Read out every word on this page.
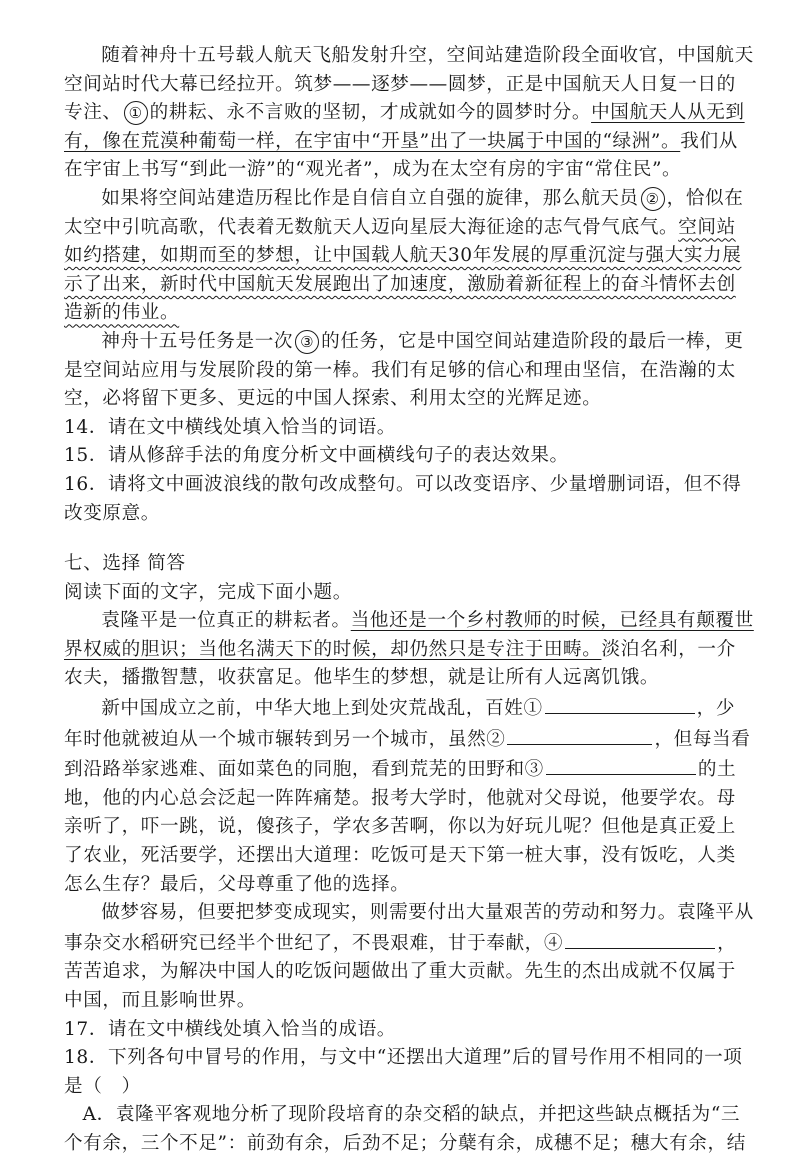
随着神舟十五号载人航天飞船发射升空，空间站建造阶段全面收官，中国航天空间站时代大幕已经拉开。筑梦——逐梦——圆梦，正是中国航天人日复一日的专注、 ① 的耕耘、永不言败的坚韧，才成就如今的圆梦时分。中国航天人从无到有，像在荒漠种葡萄一样，在宇宙中“开垦”出了一块属于中国的“绿洲”。我们从在宇宙上书写“到此一游”的“观光者”，成为在太空有房的宇宙“常住民”。

如果将空间站建造历程比作是自信自立自强的旋律，那么航天员 ② ，恰似在太空中引吭高歌，代表着无数航天人迈向星辰大海征途的志气骨气底气。空间站如约搭建，如期而至的梦想，让中国载人航天30年发展的厚重沉淀与强大实力展示了出来，新时代中国航天发展跑出了加速度，激励着新征程上的奋斗情怀去创造新的伟业。

神舟十五号任务是一次 ③ 的任务，它是中国空间站建造阶段的最后一棒，更是空间站应用与发展阶段的第一棒。我们有足够的信心和理由坚信，在浩瀚的太空，必将留下更多、更远的中国人探索、利用太空的光辉足迹。

14．请在文中横线处填入恰当的词语。

15．请从修辞手法的角度分析文中画横线句子的表达效果。

16．请将文中画波浪线的散句改成整句。可以改变语序、少量增删词语，但不得改变原意。

七、选择 简答

阅读下面的文字，完成下面小题。

袁隆平是一位真正的耕耘者。当他还是一个乡村教师的时候，已经具有颠覆世界权威的胆识；当他名满天下的时候，却仍然只是专注于田畴。淡泊名利，一介农夫，播撒智慧，收获富足。他毕生的梦想，就是让所有人远离饥饿。

新中国成立之前，中华大地上到处灾荒战乱，百姓①	，少年时他就被迫从一个城市辗转到另一个城市，虽然②	，但每当看到沿路举家逃难、面如菜色的同胞，看到荒芜的田野和③	的土地，他的内心总会泛起一阵阵痛楚。报考大学时，他就对父母说，他要学农。母亲听了，吓一跳，说，傻孩子，学农多苦啊，你以为好玩儿呢？但他是真正爱上了农业，死活要学，还摆出大道理：吃饭可是天下第一桩大事，没有饭吃，人类怎么生存？最后，父母尊重了他的选择。

做梦容易，但要把梦变成现实，则需要付出大量艰苦的劳动和努力。袁隆平从事杂交水稻研究已经半个世纪了，不畏艰难，甘于奉献，④	，苦苦追求，为解决中国人的吃饭问题做出了重大贡献。先生的杰出成就不仅属于中国，而且影响世界。

17．请在文中横线处填入恰当的成语。

18．下列各句中冒号的作用，与文中“还摆出大道理”后的冒号作用不相同的一项是（　）

A．袁隆平客观地分析了现阶段培育的杂交稻的缺点，并把这些缺点概括为“三个有余，三个不足”：前劲有余，后劲不足；分蘖有余，成穗不足；穗大有余，结
